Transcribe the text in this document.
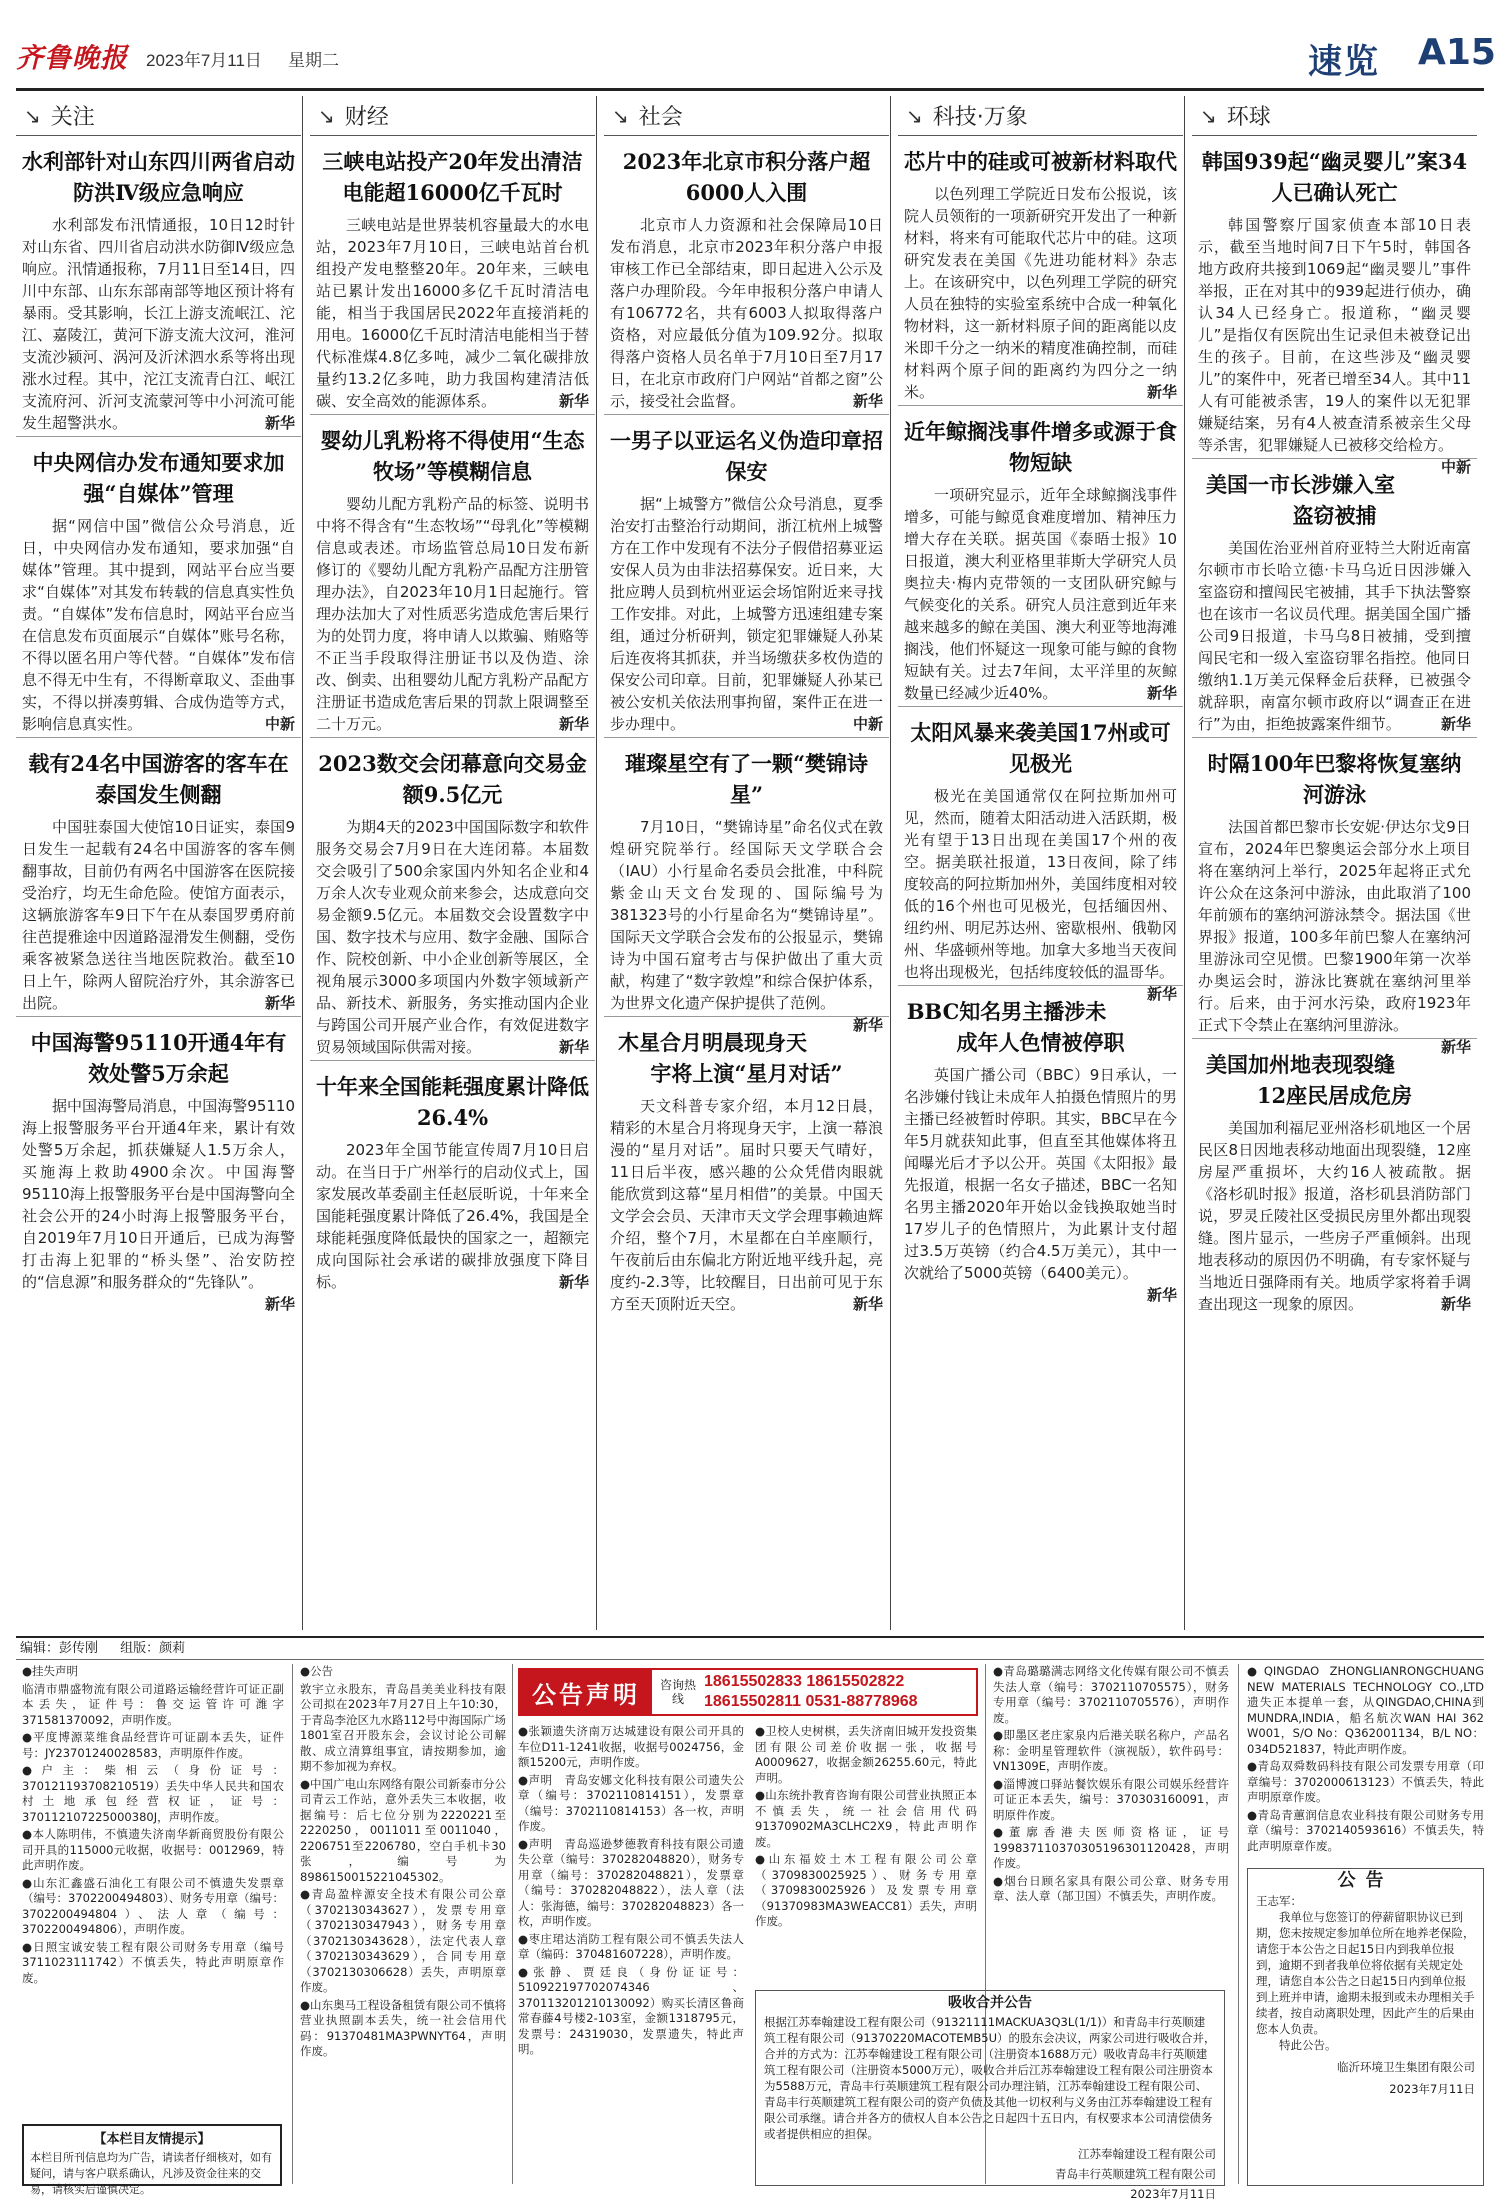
齐鲁晚报 2023年7月11日 星期二	速览 A15
↘ 关注
水利部针对山东四川两省启动防洪Ⅳ级应急响应
水利部发布汛情通报，10日12时针对山东省、四川省启动洪水防御Ⅳ级应急响应。汛情通报称，7月11日至14日，四川中东部、山东东部南部等地区预计将有暴雨。受其影响，长江上游支流岷江、沱江、嘉陵江，黄河下游支流大汶河，淮河支流沙颍河、涡河及沂沭泗水系等将出现涨水过程。其中，沱江支流青白江、岷江支流府河、沂河支流蒙河等中小河流可能发生超警洪水。	新华
中央网信办发布通知要求加强“自媒体”管理
据“网信中国”微信公众号消息，近日，中央网信办发布通知，要求加强“自媒体”管理。其中提到，网站平台应当要求“自媒体”对其发布转载的信息真实性负责。“自媒体”发布信息时，网站平台应当在信息发布页面展示“自媒体”账号名称，不得以匿名用户等代替。“自媒体”发布信息不得无中生有，不得断章取义、歪曲事实，不得以拼凑剪辑、合成伪造等方式，影响信息真实性。	中新
载有24名中国游客的客车在泰国发生侧翻
中国驻泰国大使馆10日证实，泰国9日发生一起载有24名中国游客的客车侧翻事故，目前仍有两名中国游客在医院接受治疗，均无生命危险。使馆方面表示，这辆旅游客车9日下午在从泰国罗勇府前往芭提雅途中因道路湿滑发生侧翻，受伤乘客被紧急送往当地医院救治。截至10日上午，除两人留院治疗外，其余游客已出院。	新华
中国海警95110开通4年有效处警5万余起
据中国海警局消息，中国海警95110海上报警服务平台开通4年来，累计有效处警5万余起，抓获嫌疑人1.5万余人，买施海上救助4900余次。中国海警95110海上报警服务平台是中国海警向全社会公开的24小时海上报警服务平台，自2019年7月10日开通后，已成为海警打击海上犯罪的“桥头堡”、治安防控的“信息源”和服务群众的“先锋队”。
新华
↘ 财经
三峡电站投产20年发出清洁电能超16000亿千瓦时
三峡电站是世界装机容量最大的水电站，2023年7月10日，三峡电站首台机组投产发电整整20年。20年来，三峡电站已累计发出16000多亿千瓦时清洁电能，相当于我国居民2022年直接消耗的用电。16000亿千瓦时清洁电能相当于替代标准煤4.8亿多吨，减少二氧化碳排放量约13.2亿多吨，助力我国构建清洁低碳、安全高效的能源体系。	新华
婴幼儿乳粉将不得使用“生态牧场”等模糊信息
婴幼儿配方乳粉产品的标签、说明书中将不得含有“生态牧场”“母乳化”等模糊信息或表述。市场监管总局10日发布新修订的《婴幼儿配方乳粉产品配方注册管理办法》，自2023年10月1日起施行。管理办法加大了对性质恶劣造成危害后果行为的处罚力度，将申请人以欺骗、贿赂等不正当手段取得注册证书以及伪造、涂改、倒卖、出租婴幼儿配方乳粉产品配方注册证书造成危害后果的罚款上限调整至二十万元。	新华
2023数交会闭幕意向交易金额9.5亿元
为期4天的2023中国国际数字和软件服务交易会7月9日在大连闭幕。本届数交会吸引了500余家国内外知名企业和4万余人次专业观众前来参会，达成意向交易金额9.5亿元。本届数交会设置数字中国、数字技术与应用、数字金融、国际合作、院校创新、中小企业创新等展区，全视角展示3000多项国内外数字领域新产品、新技术、新服务，务实推动国内企业与跨国公司开展产业合作，有效促进数字贸易领域国际供需对接。	新华
十年来全国能耗强度累计降低26.4%
2023年全国节能宣传周7月10日启动。在当日于广州举行的启动仪式上，国家发展改革委副主任赵辰昕说，十年来全国能耗强度累计降低了26.4%，我国是全球能耗强度降低最快的国家之一，超额完成向国际社会承诺的碳排放强度下降目标。	新华
↘ 社会
2023年北京市积分落户超6000人入围
北京市人力资源和社会保障局10日发布消息，北京市2023年积分落户申报审核工作已全部结束，即日起进入公示及落户办理阶段。今年申报积分落户申请人有106772名，共有6003人拟取得落户资格，对应最低分值为109.92分。拟取得落户资格人员名单于7月10日至7月17日，在北京市政府门户网站“首都之窗”公示，接受社会监督。	新华
一男子以亚运名义伪造印章招保安
据“上城警方”微信公众号消息，夏季治安打击整治行动期间，浙江杭州上城警方在工作中发现有不法分子假借招募亚运安保人员为由非法招募保安。近日来，大批应聘人员到杭州亚运会场馆附近来寻找工作安排。对此，上城警方迅速组建专案组，通过分析研判，锁定犯罪嫌疑人孙某后连夜将其抓获，并当场缴获多枚伪造的保安公司印章。目前，犯罪嫌疑人孙某已被公安机关依法刑事拘留，案件正在进一步办理中。	中新
璀璨星空有了一颗“樊锦诗星”
7月10日，“樊锦诗星”命名仪式在敦煌研究院举行。经国际天文学联合会（IAU）小行星命名委员会批准，中科院紫金山天文台发现的、国际编号为381323号的小行星命名为“樊锦诗星”。国际天文学联合会发布的公报显示，樊锦诗为中国石窟考古与保护做出了重大贡献，构建了“数字敦煌”和综合保护体系，为世界文化遗产保护提供了范例。
新华
木星合月明晨现身天宇将上演“星月对话”
天文科普专家介绍，本月12日晨，精彩的木星合月将现身天宇，上演一幕浪漫的“星月对话”。届时只要天气晴好，11日后半夜，感兴趣的公众凭借肉眼就能欣赏到这幕“星月相借”的美景。中国天文学会会员、天津市天文学会理事赖迪辉介绍，整个7月，木星都在白羊座顺行，午夜前后由东偏北方附近地平线升起，亮度约-2.3等，比较醒目，日出前可见于东方至天顶附近天空。	新华
↘ 科技·万象
芯片中的硅或可被新材料取代
以色列理工学院近日发布公报说，该院人员领衔的一项新研究开发出了一种新材料，将来有可能取代芯片中的硅。这项研究发表在美国《先进功能材料》杂志上。在该研究中，以色列理工学院的研究人员在独特的实验室系统中合成一种氧化物材料，这一新材料原子间的距离能以皮米即千分之一纳米的精度准确控制，而硅材料两个原子间的距离约为四分之一纳米。	新华
近年鲸搁浅事件增多或源于食物短缺
一项研究显示，近年全球鲸搁浅事件增多，可能与鲸觅食难度增加、精神压力增大存在关联。据英国《泰晤士报》10日报道，澳大利亚格里菲斯大学研究人员奥拉夫·梅内克带领的一支团队研究鲸与气候变化的关系。研究人员注意到近年来越来越多的鲸在美国、澳大利亚等地海滩搁浅，他们怀疑这一现象可能与鲸的食物短缺有关。过去7年间，太平洋里的灰鲸数量已经减少近40%。	新华
太阳风暴来袭美国17州或可见极光
极光在美国通常仅在阿拉斯加州可见，然而，随着太阳活动进入活跃期，极光有望于13日出现在美国17个州的夜空。据美联社报道，13日夜间，除了纬度较高的阿拉斯加州外，美国纬度相对较低的16个州也可见极光，包括缅因州、纽约州、明尼苏达州、密歇根州、俄勒冈州、华盛顿州等地。加拿大多地当天夜间也将出现极光，包括纬度较低的温哥华。
新华
BBC知名男主播涉未成年人色情被停职
英国广播公司（BBC）9日承认，一名涉嫌付钱让未成年人拍摄色情照片的男主播已经被暂时停职。其实，BBC早在今年5月就获知此事，但直至其他媒体将丑闻曝光后才予以公开。英国《太阳报》最先报道，根据一名女子描述，BBC一名知名男主播2020年开始以金钱换取她当时17岁儿子的色情照片，为此累计支付超过3.5万英镑（约合4.5万美元），其中一次就给了5000英镑（6400美元）。
新华
↘ 环球
韩国939起“幽灵婴儿”案34人已确认死亡
韩国警察厅国家侦查本部10日表示，截至当地时间7日下午5时，韩国各地方政府共接到1069起“幽灵婴儿”事件举报，正在对其中的939起进行侦办，确认34人已经身亡。报道称，“幽灵婴儿”是指仅有医院出生记录但未被登记出生的孩子。目前，在这些涉及“幽灵婴儿”的案件中，死者已增至34人。其中11人有可能被杀害，19人的案件以无犯罪嫌疑结案，另有4人被查清系被亲生父母等杀害，犯罪嫌疑人已被移交给检方。
中新
美国一市长涉嫌入室盗窃被捕
美国佐治亚州首府亚特兰大附近南富尔顿市市长哈立德·卡马乌近日因涉嫌入室盗窃和擅闯民宅被捕，其手下执法警察也在该市一名议员代理。据美国全国广播公司9日报道，卡马乌8日被捕，受到擅闯民宅和一级入室盗窃罪名指控。他同日缴纳1.1万美元保释金后获释，已被强令就辞职，南富尔顿市政府以“调查正在进行”为由，拒绝披露案件细节。	新华
时隔100年巴黎将恢复塞纳河游泳
法国首都巴黎市长安妮·伊达尔戈9日宣布，2024年巴黎奥运会部分水上项目将在塞纳河上举行，2025年起将正式允许公众在这条河中游泳，由此取消了100年前颁布的塞纳河游泳禁令。据法国《世界报》报道，100多年前巴黎人在塞纳河里游泳司空见惯。巴黎1900年第一次举办奥运会时，游泳比赛就在塞纳河里举行。后来，由于河水污染，政府1923年正式下令禁止在塞纳河里游泳。
新华
美国加州地表现裂缝12座民居成危房
美国加利福尼亚州洛杉矶地区一个居民区8日因地表移动地面出现裂缝，12座房屋严重损坏，大约16人被疏散。据《洛杉矶时报》报道，洛杉矶县消防部门说，罗灵丘陵社区受损民房里外都出现裂缝。图片显示，一些房子严重倾斜。出现地表移动的原因仍不明确，有专家怀疑与当地近日强降雨有关。地质学家将着手调查出现这一现象的原因。	新华
编辑：彭传刚 组版：颜莉
●挂失声明
临清市鼎盛物流有限公司道路运输经营许可证正副本丢失，证件号：鲁交运管许可潍字371581370092，声明作废。
●平度博源菜维食品经营许可证副本丢失，证件号：JY23701240028583，声明原件作废。
●户主：柴相云（身份证号：370121193708210519）丢失中华人民共和国农村土地承包经营权证，证号：370112107225000380J，声明作废。
●本人陈明伟，不慎遗失济南华新商贸股份有限公司开具的115000元收据，收据号：0012969，特此声明作废。
●山东汇鑫盛石油化工有限公司不慎遗失发票章（编号：3702200494803）、财务专用章（编号：3702200494804）、法人章（编号：3702200494806），声明作废。
●日照宝诚安装工程有限公司财务专用章（编号3711023111742）不慎丢失，特此声明原章作废。
●公告
敦宇立永股东，青岛昌美美业科技有限公司拟在2023年7月27日上午10:30，于青岛李沧区九水路112号中海国际广场1801室召开股东会，会议讨论公司解散、成立清算组事宜，请按期参加，逾期不参加视为弃权。
●中国广电山东网络有限公司新泰市分公司青云工作站，意外丢失三本收据，收据编号：后七位分别为2220221至2220250，0011011至0011040，2206751至2206780，空白手机卡30张，编号为8986150015221045302。
●青岛盈梓源安全技术有限公司公章（3702130343627），发票专用章（3702130347943），财务专用章（3702130343628），法定代表人章（3702130343629），合同专用章（3702130306628）丢失，声明原章作废。
●山东奥马工程设备租赁有限公司不慎将营业执照副本丢失，统一社会信用代码：91370481MA3PWNYT64，声明作废。
●张颖遗失济南万达城建设有限公司开具的车位D11-1241收据，收据号0024756，金额15200元，声明作废。
●声明　青岛安娜文化科技有限公司遗失公章（编号：3702110814151），发票章（编号：3702110814153）各一枚，声明作废。
●声明　青岛巡逊梦德教育科技有限公司遗失公章（编号：370282048820），财务专用章（编号：370282048821），发票章（编号：370282048822），法人章（法人：张海德，编号：370282048823）各一枚，声明作废。
●枣庄珺达消防工程有限公司不慎丢失法人章（编码：370481607228），声明作废。
●张静、贾廷良（身份证证号：510922197702074346、370113201210130092）购买长清区鲁商常春藤4号楼2-103室，金额1318795元，发票号：24319030，发票遗失，特此声明。
●卫校人史树棋，丢失济南旧城开发投资集团有限公司差价收据一张，收据号A0009627，收据金额26255.60元，特此声明。
●山东统扑教育咨询有限公司营业执照正本不慎丢失，统一社会信用代码91370902MA3CLHC2X9，特此声明作废。
●山东福姣土木工程有限公司公章（3709830025925）、财务专用章（3709830025926）及发票专用章（91370983MA3WEACC81）丢失，声明作废。
●青岛璐璐满志网络文化传媒有限公司不慎丢失法人章（编号：3702110705575），财务专用章（编号：3702110705576），声明作废。
●即墨区老庄家泉内后港关联名称户，产品名称：金明星管理软件（演视版），软件码号：VN1309E，声明作废。
●淄博渡口驿站餐饮娱乐有限公司娱乐经营许可证正本丢失，编号：370303160091，声明原件作废。
●董廓香港夫医师资格证，证号199837110370305196301120428，声明作废。
●烟台日顾名家具有限公司公章、财务专用章、法人章（郜卫国）不慎丢失，声明作废。
●QINGDAO ZHONGLIANRONGCHUANG NEW MATERIALS TECHNOLOGY CO.,LTD遗失正本提单一套，从QINGDAO,CHINA到MUNDRA,INDIA，船名航次WAN HAI 362 W001，S/O No：Q362001134，B/L NO：034D521837，特此声明作废。
●青岛双舜数码科技有限公司发票专用章（印章编号：3702000613123）不慎丢失，特此声明原章作废。
●青岛青蕙润信息农业科技有限公司财务专用章（编号：3702140593616）不慎丢失，特此声明原章作废。
公告声明	咨询热线
18615502833 18615502822
18615502811 0531-88778968
【本栏目友情提示】
本栏目所刊信息均为广告，请读者仔细核对，如有疑问，请与客户联系确认，凡涉及资金往来的交易，请核实后谨慎决定。
吸收合并公告
根据江苏奉翰建设工程有限公司（91321111MACKUA3Q3L(1/1)）和青岛丰行英顺建筑工程有限公司（91370220MACOTEMB5U）的股东会决议，两家公司进行吸收合并，合并的方式为：江苏奉翰建设工程有限公司（注册资本1688万元）吸收青岛丰行英顺建筑工程有限公司（注册资本5000万元），吸收合并后江苏奉翰建设工程有限公司注册资本为5588万元，青岛丰行英顺建筑工程有限公司办理注销，江苏奉翰建设工程有限公司、青岛丰行英顺建筑工程有限公司的资产负债及其他一切权利与义务由江苏奉翰建设工程有限公司承继。请合并各方的债权人自本公告之日起四十五日内，有权要求本公司清偿债务或者提供相应的担保。
江苏奉翰建设工程有限公司
青岛丰行英顺建筑工程有限公司
2023年7月11日
公告
王志军：
我单位与您签订的停薪留职协议已到期，您未按规定参加单位所在地养老保险，请您于本公告之日起15日内到我单位报到，逾期不到者我单位将依据有关规定处理，请您自本公告之日起15日内到单位报到上班并申请，逾期未报到或未办理相关手续者，按自动离职处理，因此产生的后果由您本人负责。
特此公告。
临沂环境卫生集团有限公司
2023年7月11日
